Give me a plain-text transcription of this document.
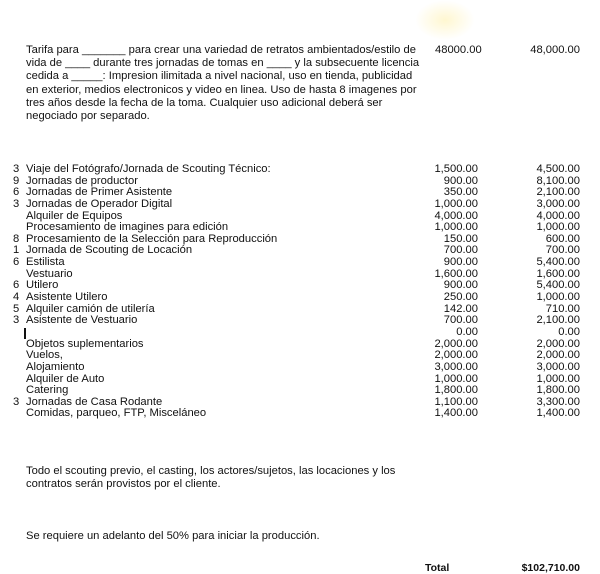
Tarifa para _______ para crear una variedad de retratos ambientados/estilo de vida de ____ durante tres jornadas de tomas en ____ y la subsecuente licencia cedida a _____: Impresion ilimitada a nivel nacional, uso en tienda, publicidad en exterior, medios electronicos y video en linea. Uso de hasta 8 imagenes por tres años desde la fecha de la toma. Cualquier uso adicional deberá ser negociado por separado.
48000.00	48,000.00
3 Viaje del Fotógrafo/Jornada de Scouting Técnico:	1,500.00	4,500.00
9 Jornadas de productor	900.00	8,100.00
6 Jornadas de Primer Asistente	350.00	2,100.00
3 Jornadas de Operador Digital	1,000.00	3,000.00
Alquiler de Equipos	4,000.00	4,000.00
Procesamiento de imagines para edición	1,000.00	1,000.00
8 Procesamiento de la Selección para Reproducción	150.00	600.00
1 Jornada de Scouting de Locación	700.00	700.00
6 Estilista	900.00	5,400.00
Vestuario	1,600.00	1,600.00
6 Utilero	900.00	5,400.00
4 Asistente Utilero	250.00	1,000.00
5 Alquiler camión de utilería	142.00	710.00
3 Asistente de Vestuario	700.00	2,100.00
0.00	0.00
Objetos suplementarios	2,000.00	2,000.00
Vuelos,	2,000.00	2,000.00
Alojamiento	3,000.00	3,000.00
Alquiler de Auto	1,000.00	1,000.00
Catering	1,800.00	1,800.00
3 Jornadas de Casa Rodante	1,100.00	3,300.00
Comidas, parqueo, FTP, Misceláneo	1,400.00	1,400.00
Todo el scouting previo, el casting, los actores/sujetos, las locaciones y los contratos serán provistos por el cliente.
Se requiere un adelanto del 50% para iniciar la producción.
Total	$102,710.00
